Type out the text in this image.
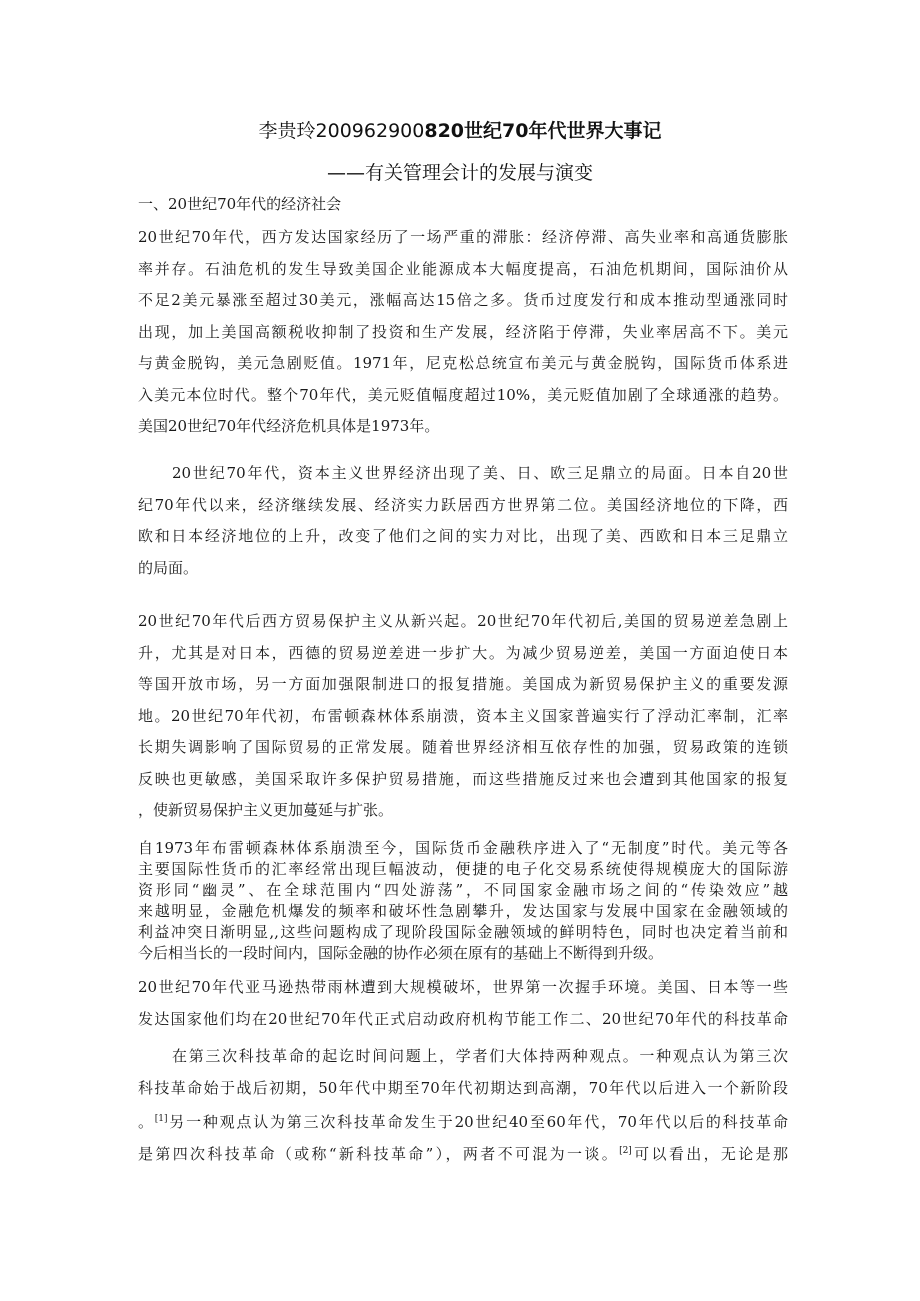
李贵玲200962900820世纪70年代世界大事记
——有关管理会计的发展与演变
一、20世纪70年代的经济社会
20世纪70年代，西方发达国家经历了一场严重的滞胀：经济停滞、高失业率和高通货膨胀
率并存。石油危机的发生导致美国企业能源成本大幅度提高，石油危机期间，国际油价从
不足2美元暴涨至超过30美元，涨幅高达15倍之多。货币过度发行和成本推动型通涨同时
出现，加上美国高额税收抑制了投资和生产发展，经济陷于停滞，失业率居高不下。美元
与黄金脱钩，美元急剧贬值。1971年，尼克松总统宣布美元与黄金脱钩，国际货币体系进
入美元本位时代。整个70年代，美元贬值幅度超过10%，美元贬值加剧了全球通涨的趋势。
美国20世纪70年代经济危机具体是1973年。
20世纪70年代，资本主义世界经济出现了美、日、欧三足鼎立的局面。日本自20世
纪70年代以来，经济继续发展、经济实力跃居西方世界第二位。美国经济地位的下降，西
欧和日本经济地位的上升，改变了他们之间的实力对比，出现了美、西欧和日本三足鼎立
的局面。
20世纪70年代后西方贸易保护主义从新兴起。20世纪70年代初后,美国的贸易逆差急剧上
升，尤其是对日本，西德的贸易逆差进一步扩大。为减少贸易逆差，美国一方面迫使日本
等国开放市场，另一方面加强限制进口的报复措施。美国成为新贸易保护主义的重要发源
地。20世纪70年代初，布雷顿森林体系崩溃，资本主义国家普遍实行了浮动汇率制，汇率
长期失调影响了国际贸易的正常发展。随着世界经济相互依存性的加强，贸易政策的连锁
反映也更敏感，美国采取许多保护贸易措施，而这些措施反过来也会遭到其他国家的报复
，使新贸易保护主义更加蔓延与扩张。
自1973年布雷顿森林体系崩溃至今，国际货币金融秩序进入了“无制度”时代。美元等各
主要国际性货币的汇率经常出现巨幅波动，便捷的电子化交易系统使得规模庞大的国际游
资形同“幽灵”、在全球范围内“四处游荡”，不同国家金融市场之间的“传染效应”越
来越明显，金融危机爆发的频率和破坏性急剧攀升，发达国家与发展中国家在金融领域的
利益冲突日渐明显,,这些问题构成了现阶段国际金融领域的鲜明特色，同时也决定着当前和
今后相当长的一段时间内，国际金融的协作必须在原有的基础上不断得到升级。
20世纪70年代亚马逊热带雨林遭到大规模破坏，世界第一次握手环境。美国、日本等一些
发达国家他们均在20世纪70年代正式启动政府机构节能工作二、20世纪70年代的科技革命
在第三次科技革命的起讫时间问题上，学者们大体持两种观点。一种观点认为第三次
科技革命始于战后初期，50年代中期至70年代初期达到高潮，70年代以后进入一个新阶段
。[1]另一种观点认为第三次科技革命发生于20世纪40至60年代，70年代以后的科技革命
是第四次科技革命（或称“新科技革命”），两者不可混为一谈。[2]可以看出，无论是那
